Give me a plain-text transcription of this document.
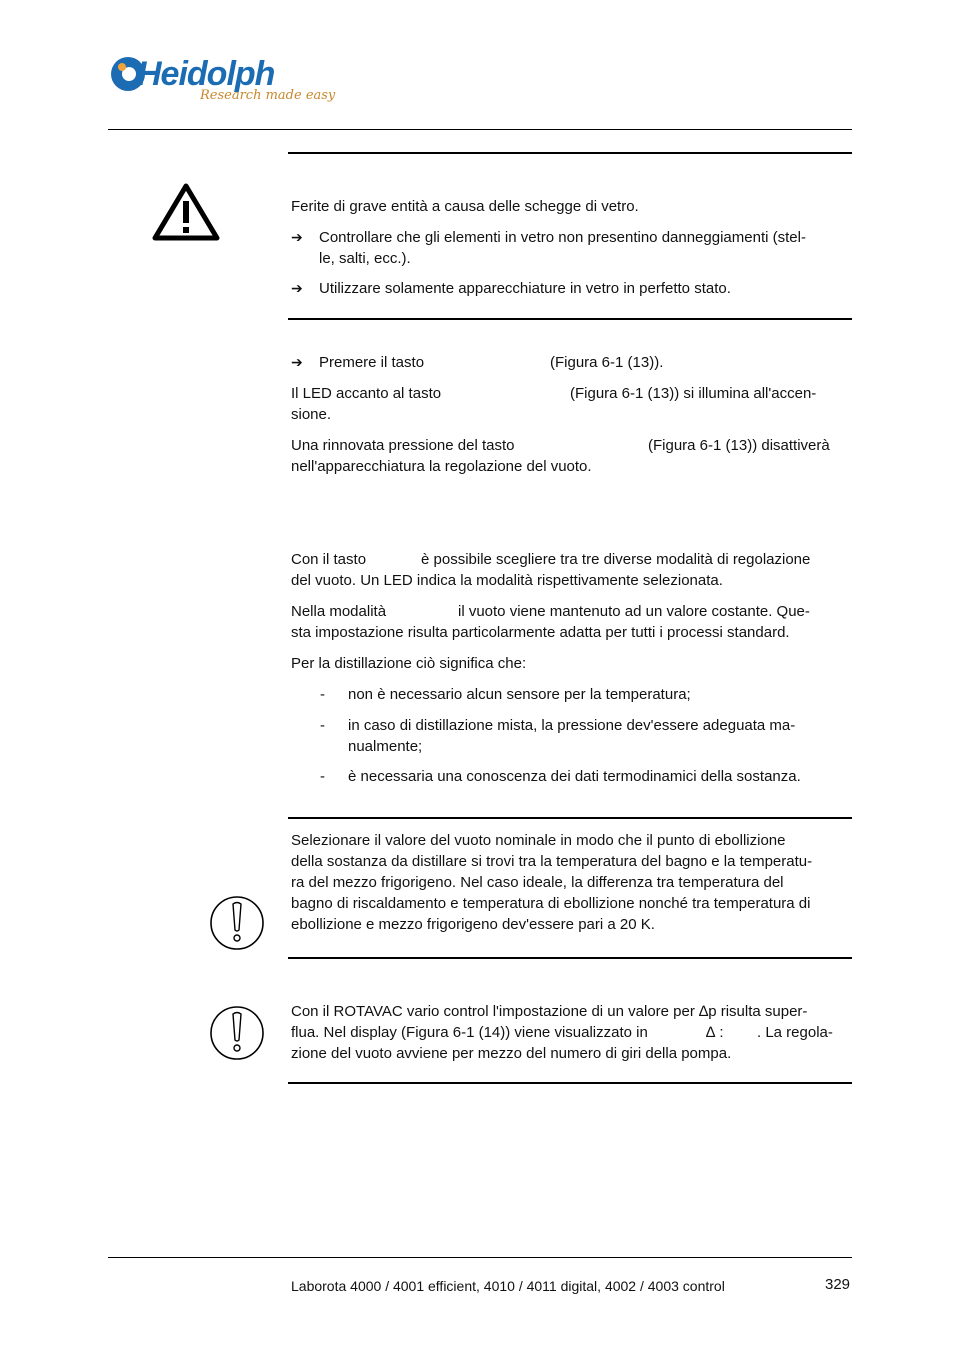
Heidolph
Research made easy
Ferite di grave entità a causa delle schegge di vetro.
➔ Controllare che gli elementi in vetro non presentino danneggiamenti (stel-
le, salti, ecc.).
➔ Utilizzare solamente apparecchiature in vetro in perfetto stato.
➔ Premere il tasto	(Figura 6-1 (13)).
Il LED accanto al tasto	(Figura 6-1 (13)) si illumina all'accen-
sione.
Una rinnovata pressione del tasto	(Figura 6-1 (13)) disattiverà
nell'apparecchiatura la regolazione del vuoto.
Con il tasto	è possibile scegliere tra tre diverse modalità di regolazione
del vuoto. Un LED indica la modalità rispettivamente selezionata.
Nella modalità	il vuoto viene mantenuto ad un valore costante. Que-
sta impostazione risulta particolarmente adatta per tutti i processi standard.
Per la distillazione ciò significa che:
- non è necessario alcun sensore per la temperatura;
- in caso di distillazione mista, la pressione dev'essere adeguata ma-
nualmente;
- è necessaria una conoscenza dei dati termodinamici della sostanza.
Selezionare il valore del vuoto nominale in modo che il punto di ebollizione
della sostanza da distillare si trovi tra la temperatura del bagno e la temperatu-
ra del mezzo frigorigeno. Nel caso ideale, la differenza tra temperatura del
bagno di riscaldamento e temperatura di ebollizione nonché tra temperatura di
ebollizione e mezzo frigorigeno dev'essere pari a 20 K.
Con il ROTAVAC vario control l'impostazione di un valore per ∆p risulta super-
flua. Nel display (Figura 6-1 (14)) viene visualizzato in	∆ : . La regola-
zione del vuoto avviene per mezzo del numero di giri della pompa.
Laborota 4000 / 4001 efficient, 4010 / 4011 digital, 4002 / 4003 control	329
